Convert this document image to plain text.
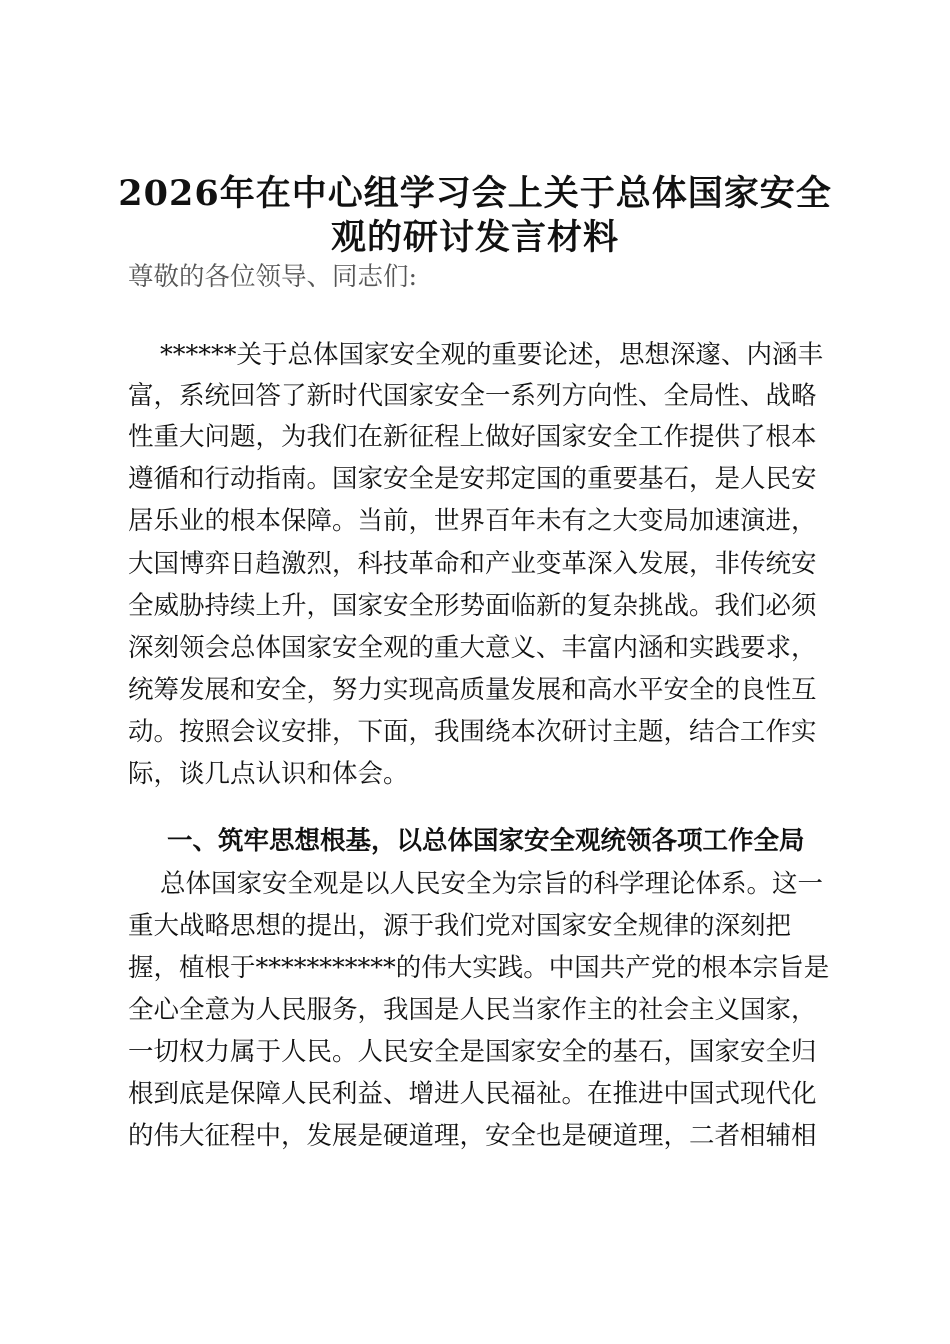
2026年在中心组学习会上关于总体国家安全
观的研讨发言材料

尊敬的各位领导、同志们:

******关于总体国家安全观的重要论述，思想深邃、内涵丰

富，系统回答了新时代国家安全一系列方向性、全局性、战略

性重大问题，为我们在新征程上做好国家安全工作提供了根本

遵循和行动指南。国家安全是安邦定国的重要基石，是人民安

居乐业的根本保障。当前，世界百年未有之大变局加速演进，

大国博弈日趋激烈，科技革命和产业变革深入发展，非传统安

全威胁持续上升，国家安全形势面临新的复杂挑战。我们必须

深刻领会总体国家安全观的重大意义、丰富内涵和实践要求，

统筹发展和安全，努力实现高质量发展和高水平安全的良性互

动。按照会议安排，下面，我围绕本次研讨主题，结合工作实

际，谈几点认识和体会。

一、筑牢思想根基，以总体国家安全观统领各项工作全局

总体国家安全观是以人民安全为宗旨的科学理论体系。这一

重大战略思想的提出，源于我们党对国家安全规律的深刻把

握，植根于***********的伟大实践。中国共产党的根本宗旨是

全心全意为人民服务，我国是人民当家作主的社会主义国家，

一切权力属于人民。人民安全是国家安全的基石，国家安全归

根到底是保障人民利益、增进人民福祉。在推进中国式现代化

的伟大征程中，发展是硬道理，安全也是硬道理，二者相辅相
